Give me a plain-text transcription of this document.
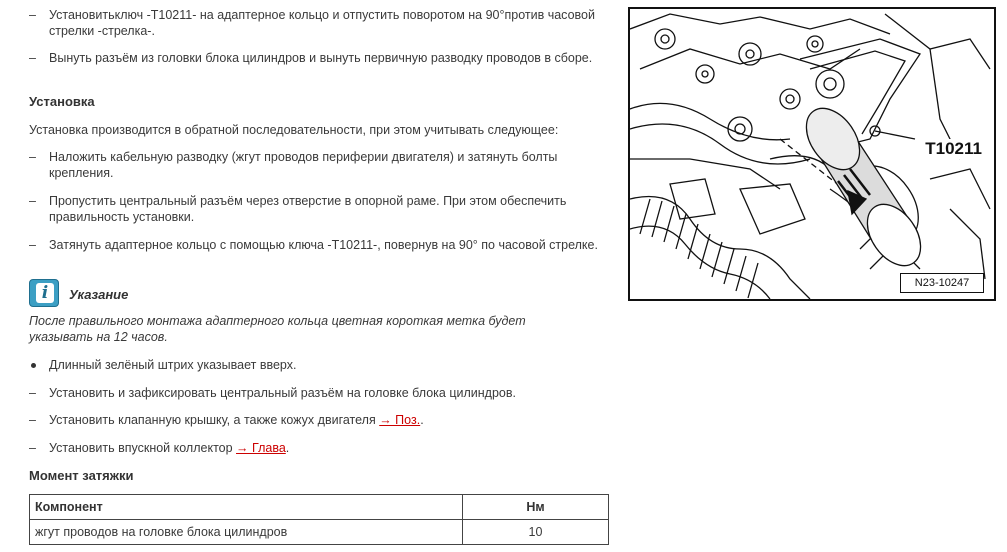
– Установитьключ -T10211- на адаптерное кольцо и отпустить поворотом на 90°против часовой стрелки -стрелка-.
– Вынуть разъём из головки блока цилиндров и вынуть первичную разводку проводов в сборе.
Установка
Установка производится в обратной последовательности, при этом учитывать следующее:
– Наложить кабельную разводку (жгут проводов периферии двигателя) и затянуть болты крепления.
– Пропустить центральный разъём через отверстие в опорной раме. При этом обеспечить правильность установки.
– Затянуть адаптерное кольцо с помощью ключа -T10211-, повернув на 90° по часовой стрелке.
i	Указание
После правильного монтажа адаптерного кольца цветная короткая метка будет указывать на 12 часов.
Длинный зелёный штрих указывает вверх.
– Установить и зафиксировать центральный разъём на головке блока цилиндров.
– Установить клапанную крышку, а также кожух двигателя → Поз..
– Установить впускной коллектор → Глава.
Момент затяжки
Компонент	Нм
жгут проводов на головке блока цилиндров	10
T10211
N23-10247
